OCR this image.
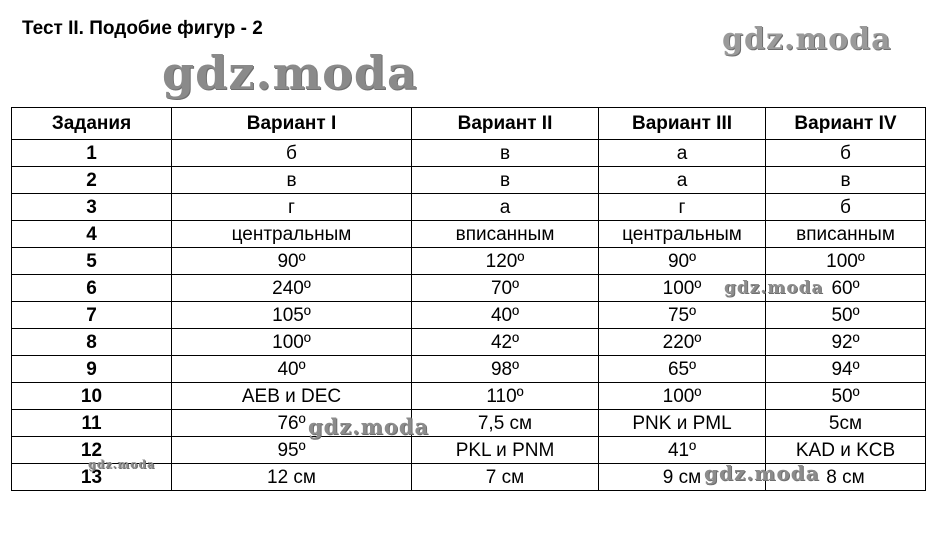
Тест II. Подобие фигур - 2
gdz.moda
gdz.moda
Задания	Вариант I	Вариант II	Вариант III	Вариант IV
1	б	в	а	б
2	в	в	а	в
3	г	а	г	б
4	центральным	вписанным	центральным	вписанным
5	90º	120º	90º	100º
6	240º	70º	100º	60º
7	105º	40º	75º	50º
8	100º	42º	220º	92º
9	40º	98º	65º	94º
10	AEB и DEC	110º	100º	50º
11	76º	7,5 см	PNK и PML	5см
12	95º	PKL и PNM	41º	KAD и KCB
13	12 см	7 см	9 см	8 см
gdz.moda
gdz.moda
gdz.moda	gdz.moda
